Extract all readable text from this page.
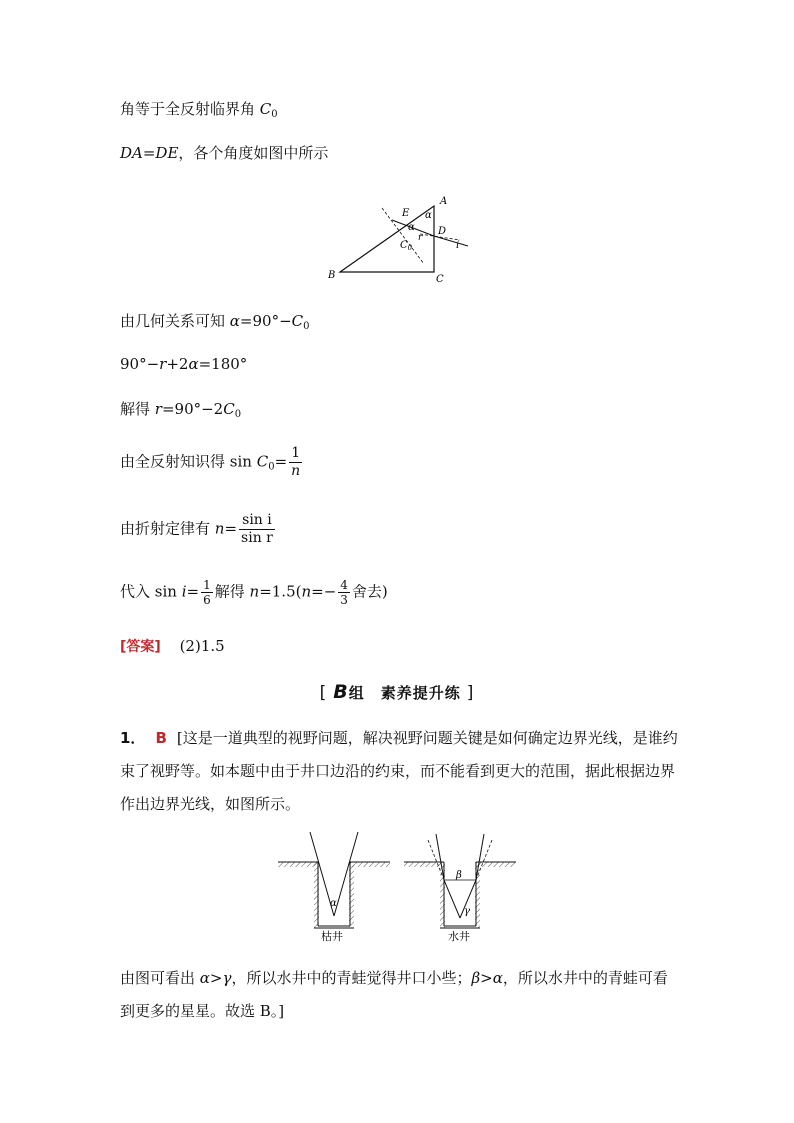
角等于全反射临界角 $C_0$
DA=DE，各个角度如图中所示
A
B	C
D
E α
α
r
i
$C_0$
由几何关系可知 $\alpha=90^\circ-C_0$
90°−r+2α=180°
解得 $r=90^\circ-2C_0$
由全反射知识得 $\sin C_0= \frac{1}{n}$
由折射定律有 $n= \frac{\text{sin i}}{\text{sin r}}$
代入 $\sin i= \frac{1}{6}$ 解得 $n=1.5(n=- \frac{4}{3}$ 舍去)
[答案] (2)1.5
[ B组　素养提升练 ]
1． B [这是一道典型的视野问题，解决视野问题关键是如何确定边界光线，是谁约束了视野等。如本题中由于井口边沿的约束，而不能看到更大的范围，据此根据边界作出边界光线，如图所示。
α
枯井
β
γ
水井
由图可看出 α>γ，所以水井中的青蛙觉得井口小些；β>α，所以水井中的青蛙可看到更多的星星。故选 B。]
